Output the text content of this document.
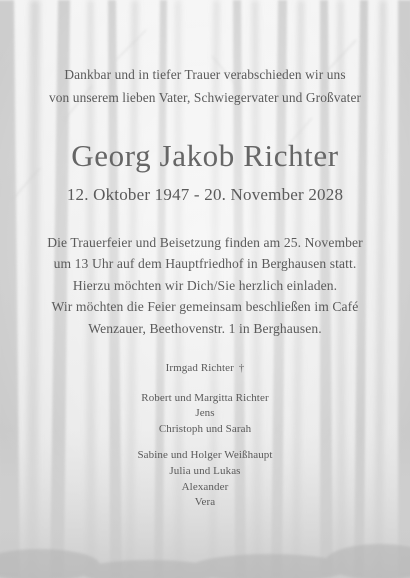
Dankbar und in tiefer Trauer verabschieden wir uns
von unserem lieben Vater, Schwiegervater und Großvater
Georg Jakob Richter
12. Oktober 1947 - 20. November 2028
Die Trauerfeier und Beisetzung finden am 25. November
um 13 Uhr auf dem Hauptfriedhof in Berghausen statt.
Hierzu möchten wir Dich/Sie herzlich einladen.
Wir möchten die Feier gemeinsam beschließen im Café
Wenzauer, Beethovenstr. 1 in Berghausen.
Irmgad Richter †
Robert und Margitta Richter
Jens
Christoph und Sarah
Sabine und Holger Weißhaupt
Julia und Lukas
Alexander
Vera
